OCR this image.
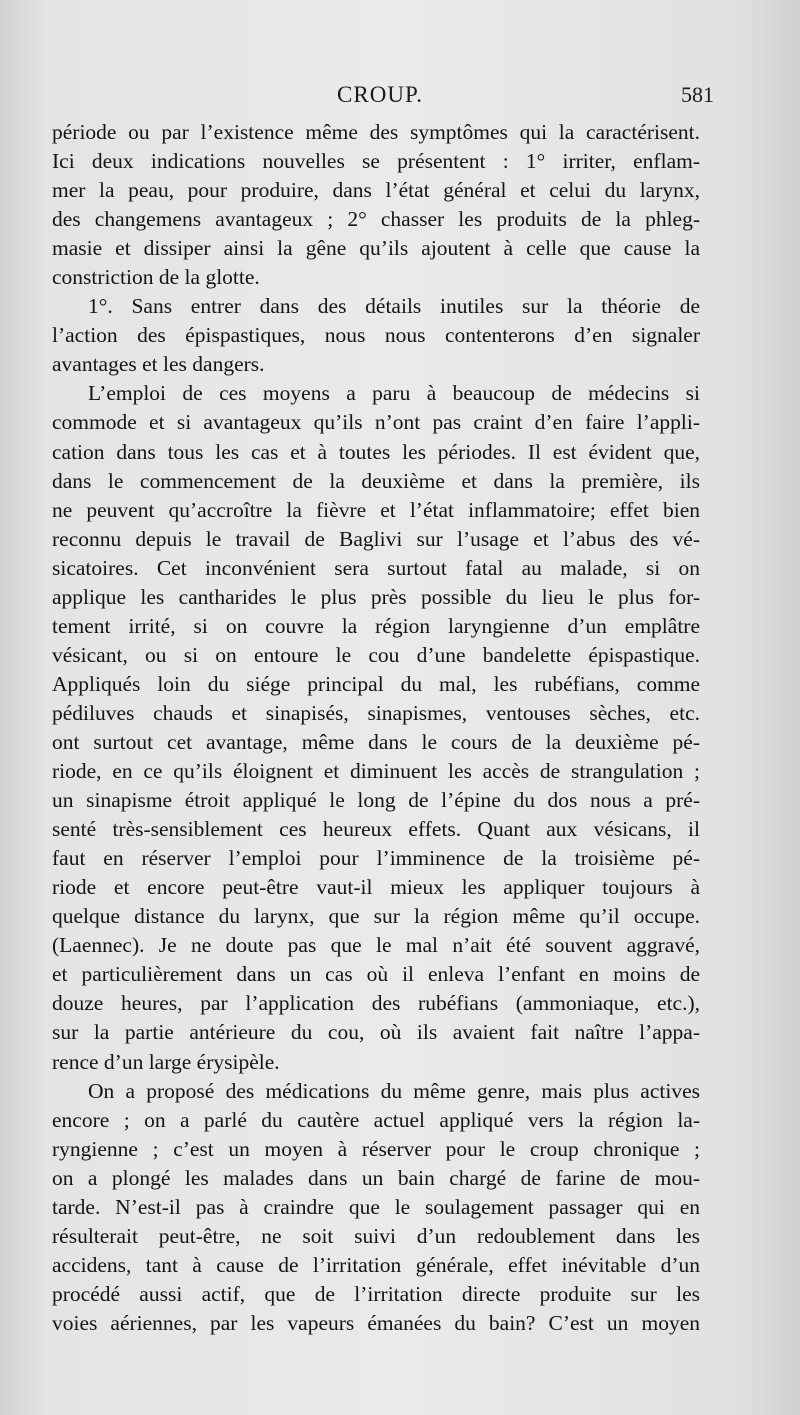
CROUP.	581
période ou par l’existence même des symptômes qui la caractérisent.
Ici deux indications nouvelles se présentent : 1° irriter, enflam-
mer la peau, pour produire, dans l’état général et celui du larynx,
des changemens avantageux ; 2° chasser les produits de la phleg-
masie et dissiper ainsi la gêne qu’ils ajoutent à celle que cause la
constriction de la glotte.
1°. Sans entrer dans des détails inutiles sur la théorie de
l’action des épispastiques, nous nous contenterons d’en signaler
avantages et les dangers.
L’emploi de ces moyens a paru à beaucoup de médecins si
commode et si avantageux qu’ils n’ont pas craint d’en faire l’appli-
cation dans tous les cas et à toutes les périodes. Il est évident que,
dans le commencement de la deuxième et dans la première, ils
ne peuvent qu’accroître la fièvre et l’état inflammatoire; effet bien
reconnu depuis le travail de Baglivi sur l’usage et l’abus des vé-
sicatoires. Cet inconvénient sera surtout fatal au malade, si on
applique les cantharides le plus près possible du lieu le plus for-
tement irrité, si on couvre la région laryngienne d’un emplâtre
vésicant, ou si on entoure le cou d’une bandelette épispastique.
Appliqués loin du siége principal du mal, les rubéfians, comme
pédiluves chauds et sinapisés, sinapismes, ventouses sèches, etc.
ont surtout cet avantage, même dans le cours de la deuxième pé-
riode, en ce qu’ils éloignent et diminuent les accès de strangulation ;
un sinapisme étroit appliqué le long de l’épine du dos nous a pré-
senté très-sensiblement ces heureux effets. Quant aux vésicans, il
faut en réserver l’emploi pour l’imminence de la troisième pé-
riode et encore peut-être vaut-il mieux les appliquer toujours à
quelque distance du larynx, que sur la région même qu’il occupe.
(Laennec). Je ne doute pas que le mal n’ait été souvent aggravé,
et particulièrement dans un cas où il enleva l’enfant en moins de
douze heures, par l’application des rubéfians (ammoniaque, etc.),
sur la partie antérieure du cou, où ils avaient fait naître l’appa-
rence d’un large érysipèle.
On a proposé des médications du même genre, mais plus actives
encore ; on a parlé du cautère actuel appliqué vers la région la-
ryngienne ; c’est un moyen à réserver pour le croup chronique ;
on a plongé les malades dans un bain chargé de farine de mou-
tarde. N’est-il pas à craindre que le soulagement passager qui en
résulterait peut-être, ne soit suivi d’un redoublement dans les
accidens, tant à cause de l’irritation générale, effet inévitable d’un
procédé aussi actif, que de l’irritation directe produite sur les
voies aériennes, par les vapeurs émanées du bain? C’est un moyen
